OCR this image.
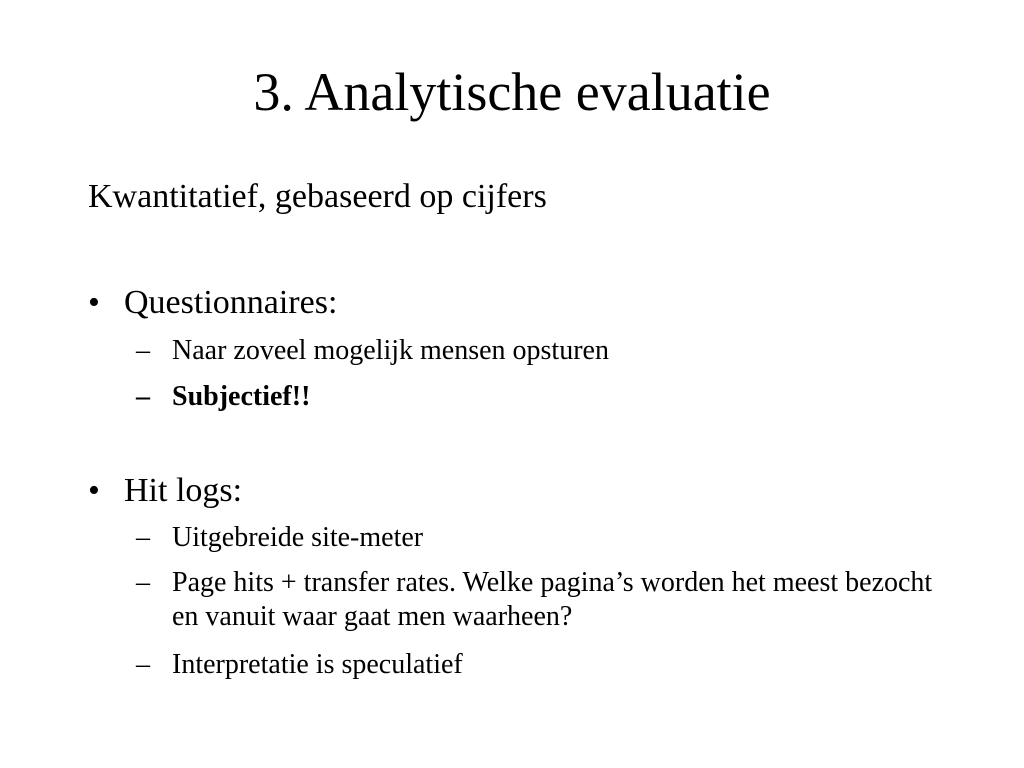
3. Analytische evaluatie
Kwantitatief, gebaseerd op cijfers
• Questionnaires:
– Naar zoveel mogelijk mensen opsturen
– Subjectief!!
• Hit logs:
– Uitgebreide site-meter
– Page hits + transfer rates. Welke pagina’s worden het meest bezocht en vanuit waar gaat men waarheen?
– Interpretatie is speculatief
